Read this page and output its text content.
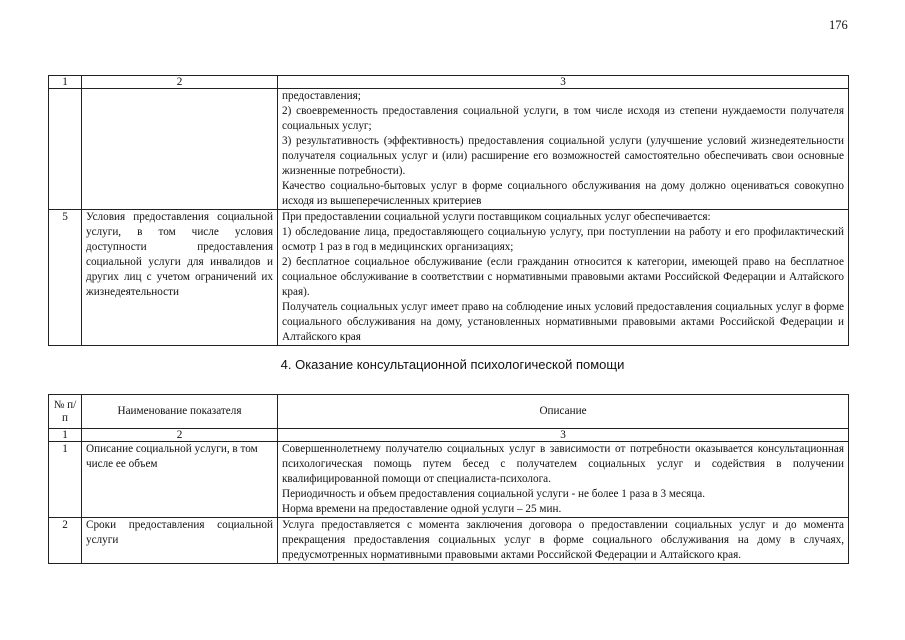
176
1	2	3

		предоставления;

2) своевременность предоставления социальной услуги, в том числе исходя из степени нуждаемости получателя социальных услуг;

3) результативность (эффективность) предоставления социальной услуги (улучшение условий жизнедеятельности получателя социальных услуг и (или) расширение его возможностей самостоятельно обеспечивать свои основные жизненные потребности).

Качество социально-бытовых услуг в форме социального обслуживания на дому должно оцениваться совокупно исходя из вышеперечисленных критериев

5	Условия предоставления социальной услуги, в том числе условия доступности предоставления социальной услуги для инвалидов и других лиц с учетом ограничений их жизнедеятельности	При предоставлении социальной услуги поставщиком социальных услуг обеспечивается:

1) обследование лица, предоставляющего социальную услугу, при поступлении на работу и его профилактический осмотр 1 раз в год в медицинских организациях;

2) бесплатное социальное обслуживание (если гражданин относится к категории, имеющей право на бесплатное социальное обслуживание в соответствии с нормативными правовыми актами Российской Федерации и Алтайского края).

Получатель социальных услуг имеет право на соблюдение иных условий предоставления социальных услуг в форме социального обслуживания на дому, установленных нормативными правовыми актами Российской Федерации и Алтайского края

4. Оказание консультационной психологической помощи
№ п/п	Наименование показателя	Описание
1	2	3
1	Описание социальной услуги, в том числе ее объем	Совершеннолетнему получателю социальных услуг в зависимости от потребности оказывается консультационная психологическая помощь путем бесед с получателем социальных услуг и содействия в получении квалифицированной помощи от специалиста-психолога.

Периодичность и объем предоставления социальной услуги - не более 1 раза в 3 месяца.

Норма времени на предоставление одной услуги – 25 мин.

2	Сроки предоставления социальной услуги	Услуга предоставляется с момента заключения договора о предоставлении социальных услуг и до момента прекращения предоставления социальных услуг в форме социального обслуживания на дому в случаях, предусмотренных нормативными правовыми актами Российской Федерации и Алтайского края.
